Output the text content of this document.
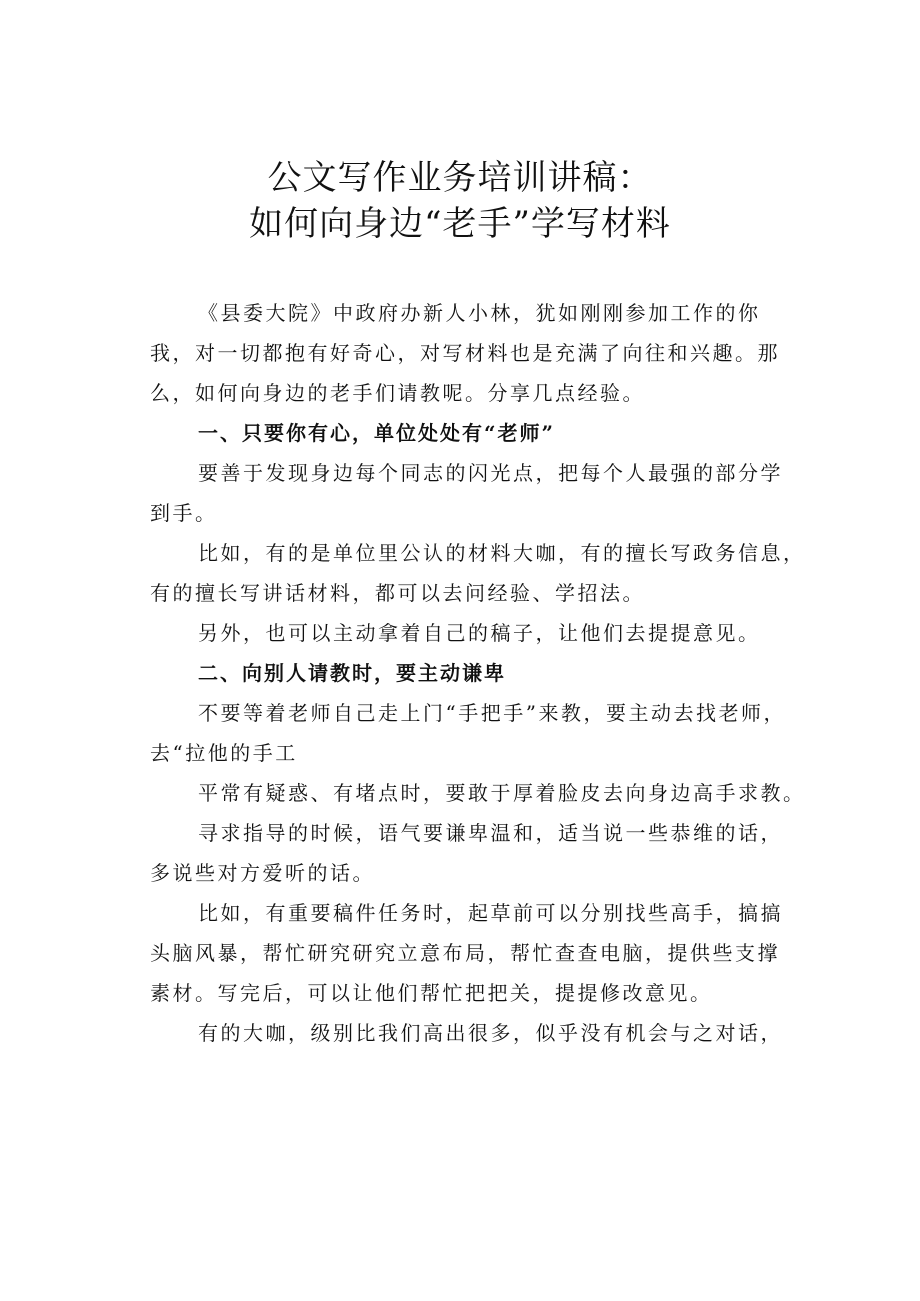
公文写作业务培训讲稿：
如何向身边“老手”学写材料
《县委大院》中政府办新人小林，犹如刚刚参加工作的你
我，对一切都抱有好奇心，对写材料也是充满了向往和兴趣。那
么，如何向身边的老手们请教呢。分享几点经验。
一、只要你有心，单位处处有“老师”
要善于发现身边每个同志的闪光点，把每个人最强的部分学
到手。
比如，有的是单位里公认的材料大咖，有的擅长写政务信息，
有的擅长写讲话材料，都可以去问经验、学招法。
另外，也可以主动拿着自己的稿子，让他们去提提意见。
二、向别人请教时，要主动谦卑
不要等着老师自己走上门“手把手”来教，要主动去找老师，
去“拉他的手工
平常有疑惑、有堵点时，要敢于厚着脸皮去向身边高手求教。
寻求指导的时候，语气要谦卑温和，适当说一些恭维的话，
多说些对方爱听的话。
比如，有重要稿件任务时，起草前可以分别找些高手，搞搞
头脑风暴，帮忙研究研究立意布局，帮忙查查电脑，提供些支撑
素材。写完后，可以让他们帮忙把把关，提提修改意见。
有的大咖，级别比我们高出很多，似乎没有机会与之对话，
